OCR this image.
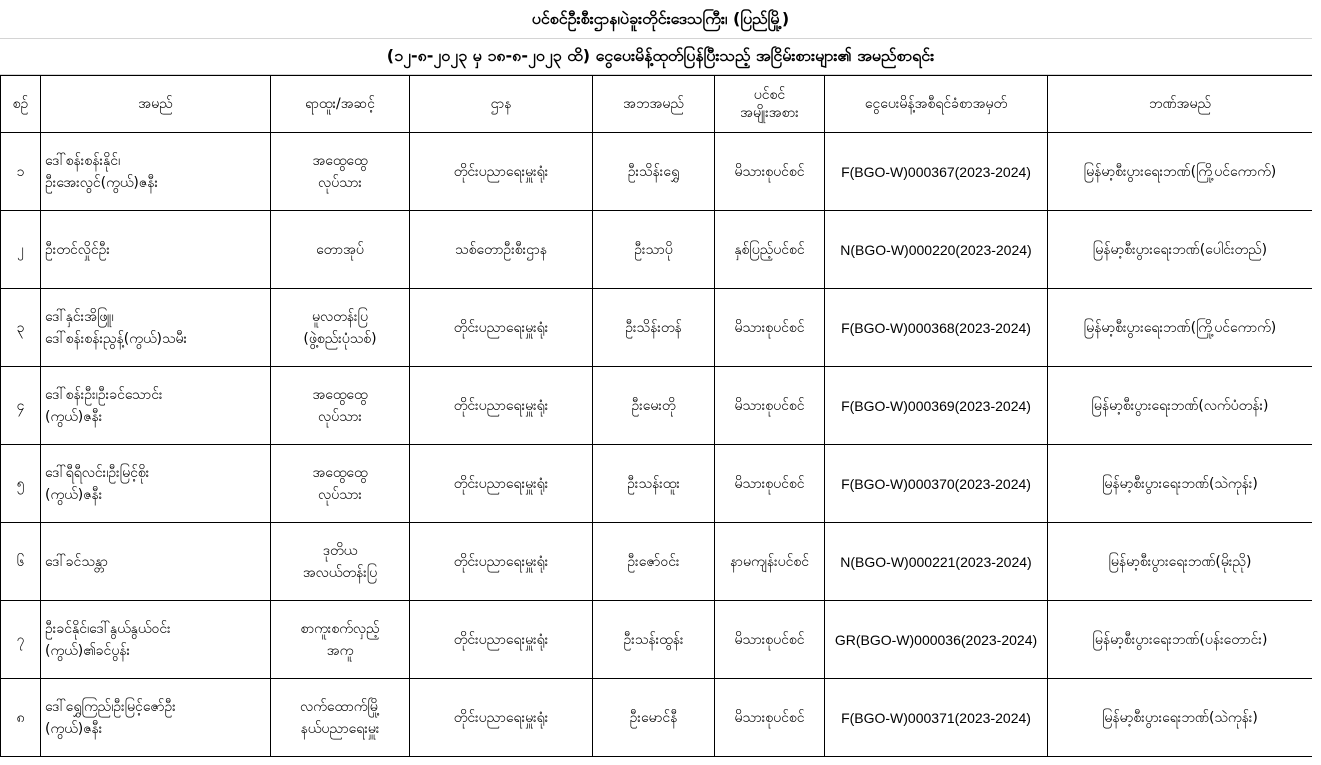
ပင်စင်ဦးစီးဌာန၊ပဲခူးတိုင်းဒေသကြီး၊ (ပြည်မြို့)
(၁၂-၈-၂၀၂၃ မှ ၁၈-၈-၂၀၂၃ ထိ) ငွေပေးမိန့်ထုတ်ပြန်ပြီးသည့် အငြိမ်းစားများ၏ အမည်စာရင်း
စဉ်	အမည်	ရာထူး/အဆင့်	ဌာန	အဘအမည်	ပင်စင်
အမျိုးအစား	ငွေပေးမိန့်အစီရင်ခံစာအမှတ်	ဘဏ်အမည်
၁	ဒေါ်စန်းစန်းနိုင်၊
ဦးအေးလွင်(ကွယ်)ဇနီး	အထွေထွေ
လုပ်သား	တိုင်းပညာရေးမှူးရုံး	ဦးသိန်းရွှေ	မိသားစုပင်စင်	F(BGO-W)000367(2023-2024)	မြန်မာ့စီးပွားရေးဘဏ်(ကြို့ပင်ကောက်)
၂	ဦးတင်လှိုင်ဦး	တောအုပ်	သစ်တောဦးစီးဌာန	ဦးသာပို	နှစ်ပြည့်ပင်စင်	N(BGO-W)000220(2023-2024)	မြန်မာ့စီးပွားရေးဘဏ်(ပေါင်းတည်)
၃	ဒေါ်နှင်းအိဖြူ၊
ဒေါ်စန်းစန်းညွန့်(ကွယ်)သမီး	မူလတန်းပြ
(ဖွဲ့စည်းပုံသစ်)	တိုင်းပညာရေးမှူးရုံး	ဦးသိန်းတန်	မိသားစုပင်စင်	F(BGO-W)000368(2023-2024)	မြန်မာ့စီးပွားရေးဘဏ်(ကြို့ပင်ကောက်)
၄	ဒေါ်စန်းဦး၊ဦးခင်သောင်း
(ကွယ်)ဇနီး	အထွေထွေ
လုပ်သား	တိုင်းပညာရေးမှူးရုံး	ဦးမေးတို	မိသားစုပင်စင်	F(BGO-W)000369(2023-2024)	မြန်မာ့စီးပွားရေးဘဏ်(လက်ပံတန်း)
၅	ဒေါ်ရီရီလင်း၊ဦးမြင့်စိုး
(ကွယ်)ဇနီး	အထွေထွေ
လုပ်သား	တိုင်းပညာရေးမှူးရုံး	ဦးသန်းထူး	မိသားစုပင်စင်	F(BGO-W)000370(2023-2024)	မြန်မာ့စီးပွားရေးဘဏ်(သဲကုန်း)
၆	ဒေါ်ခင်သန္တာ	ဒုတိယ
အလယ်တန်းပြ	တိုင်းပညာရေးမှူးရုံး	ဦးဇော်ဝင်း	နာမကျန်းပင်စင်	N(BGO-W)000221(2023-2024)	မြန်မာ့စီးပွားရေးဘဏ်(မိုးညို)
၇	ဦးခင်နိုင်၊ဒေါ်နွယ်နွယ်ဝင်း
(ကွယ်)၏ခင်ပွန်း	စာကူးစက်လှည့်
အကူ	တိုင်းပညာရေးမှူးရုံး	ဦးသန်းထွန်း	မိသားစုပင်စင်	GR(BGO-W)000036(2023-2024)	မြန်မာ့စီးပွားရေးဘဏ်(ပန်းတောင်း)
၈	ဒေါ်ရွှေကြည်၊ဦးမြင့်ဇော်ဦး
(ကွယ်)ဇနီး	လက်ထောက်မြို့
နယ်ပညာရေးမှူး	တိုင်းပညာရေးမှူးရုံး	ဦးမောင်နီ	မိသားစုပင်စင်	F(BGO-W)000371(2023-2024)	မြန်မာ့စီးပွားရေးဘဏ်(သဲကုန်း)
